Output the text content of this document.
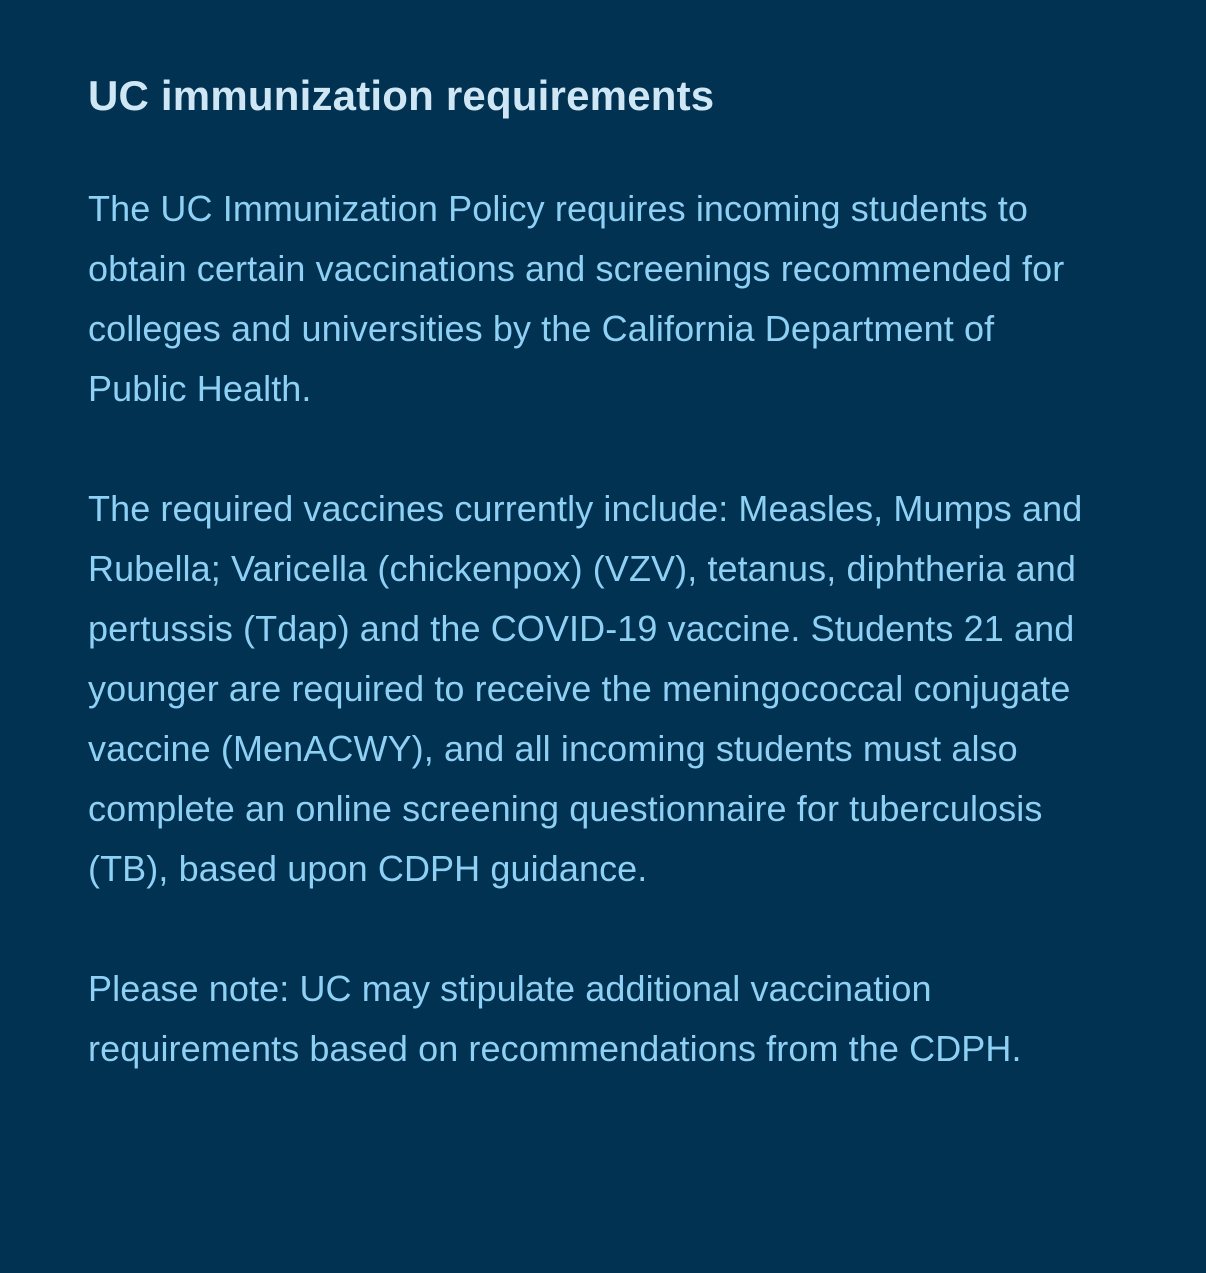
UC immunization requirements

The UC Immunization Policy requires incoming students to obtain certain vaccinations and screenings recommended for colleges and universities by the California Department of Public Health.

The required vaccines currently include: Measles, Mumps and Rubella; Varicella (chickenpox) (VZV), tetanus, diphtheria and pertussis (Tdap) and the COVID-19 vaccine. Students 21 and younger are required to receive the meningococcal conjugate vaccine (MenACWY), and all incoming students must also complete an online screening questionnaire for tuberculosis (TB), based upon CDPH guidance.

Please note: UC may stipulate additional vaccination requirements based on recommendations from the CDPH.
